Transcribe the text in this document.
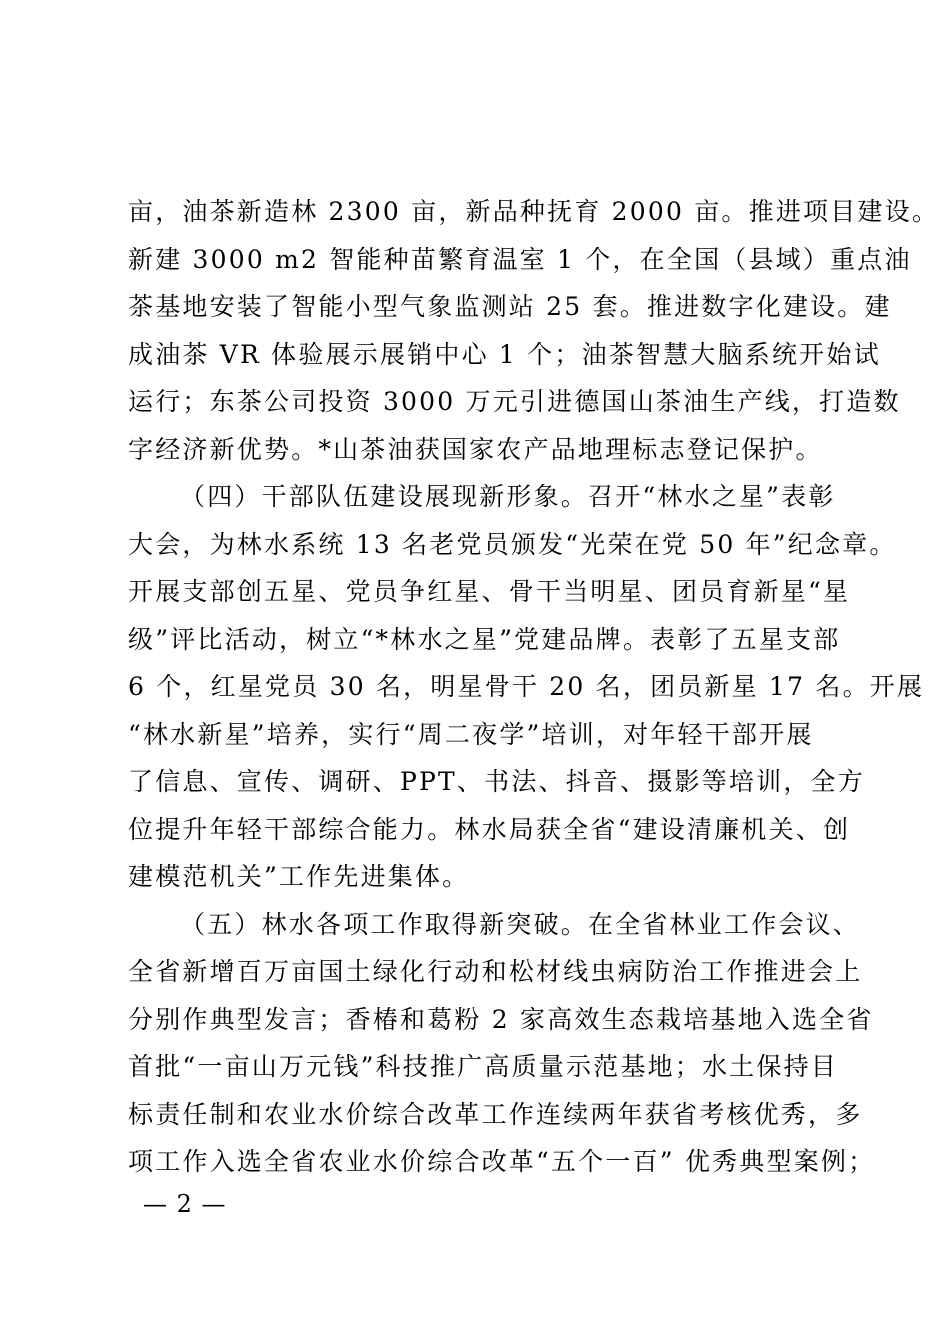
亩，油茶新造林 2300 亩，新品种抚育 2000 亩。推进项目建设。
新建 3000 m2 智能种苗繁育温室 1 个，在全国（县域）重点油
茶基地安装了智能小型气象监测站 25 套。推进数字化建设。建
成油茶 VR 体验展示展销中心 1 个；油茶智慧大脑系统开始试
运行；东茶公司投资 3000 万元引进德国山茶油生产线，打造数
字经济新优势。*山茶油获国家农产品地理标志登记保护。
（四）干部队伍建设展现新形象。召开“林水之星”表彰
大会，为林水系统 13 名老党员颁发“光荣在党 50 年”纪念章。
开展支部创五星、党员争红星、骨干当明星、团员育新星“星
级”评比活动，树立“*林水之星”党建品牌。表彰了五星支部
6 个，红星党员 30 名，明星骨干 20 名，团员新星 17 名。开展
“林水新星”培养，实行“周二夜学”培训，对年轻干部开展
了信息、宣传、调研、PPT、书法、抖音、摄影等培训，全方
位提升年轻干部综合能力。林水局获全省“建设清廉机关、创
建模范机关”工作先进集体。
（五）林水各项工作取得新突破。在全省林业工作会议、
全省新增百万亩国土绿化行动和松材线虫病防治工作推进会上
分别作典型发言；香椿和葛粉 2 家高效生态栽培基地入选全省
首批“一亩山万元钱”科技推广高质量示范基地；水土保持目
标责任制和农业水价综合改革工作连续两年获省考核优秀，多
项工作入选全省农业水价综合改革“五个一百” 优秀典型案例；
— 2 —
